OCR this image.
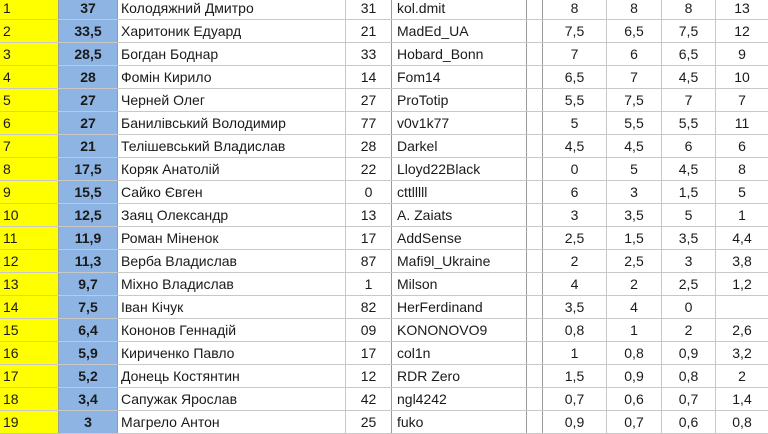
1	37	Колодяжний Дмитро	31	kol.dmit	8	8	8	13
2	33,5	Харитоник Едуард	21	MadEd_UA	7,5	6,5	7,5	12
3	28,5	Богдан Боднар	33	Hobard_Bonn	7	6	6,5	9
4	28	Фомін Кирило	14	Fom14	6,5	7	4,5	10
5	27	Черней Олег	27	ProTotip	5,5	7,5	7	7
6	27	Банилівський Володимир	77	v0v1k77	5	5,5	5,5	11
7	21	Телішевський Владислав	28	Darkel	4,5	4,5	6	6
8	17,5	Коряк Анатолій	22	Lloyd22Black	0	5	4,5	8
9	15,5	Сайко Євген	0	cttlllll	6	3	1,5	5
10	12,5	Заяц Олександр	13	A. Zaiats	3	3,5	5	1
11	11,9	Роман Міненок	17	AddSense	2,5	1,5	3,5	4,4
12	11,3	Верба Владислав	87	Mafi9l_Ukraine	2	2,5	3	3,8
13	9,7	Міхно Владислав	1	Milson	4	2	2,5	1,2
14	7,5	Іван Кічук	82	HerFerdinand	3,5	4	0
15	6,4	Кононов Геннадій	09	KONONOVO9	0,8	1	2	2,6
16	5,9	Кириченко Павло	17	col1n	1	0,8	0,9	3,2
17	5,2	Донець Костянтин	12	RDR Zero	1,5	0,9	0,8	2
18	3,4	Сапужак Ярослав	42	ngl4242	0,7	0,6	0,7	1,4
19	3	Магрело Антон	25	fuko	0,9	0,7	0,6	0,8
